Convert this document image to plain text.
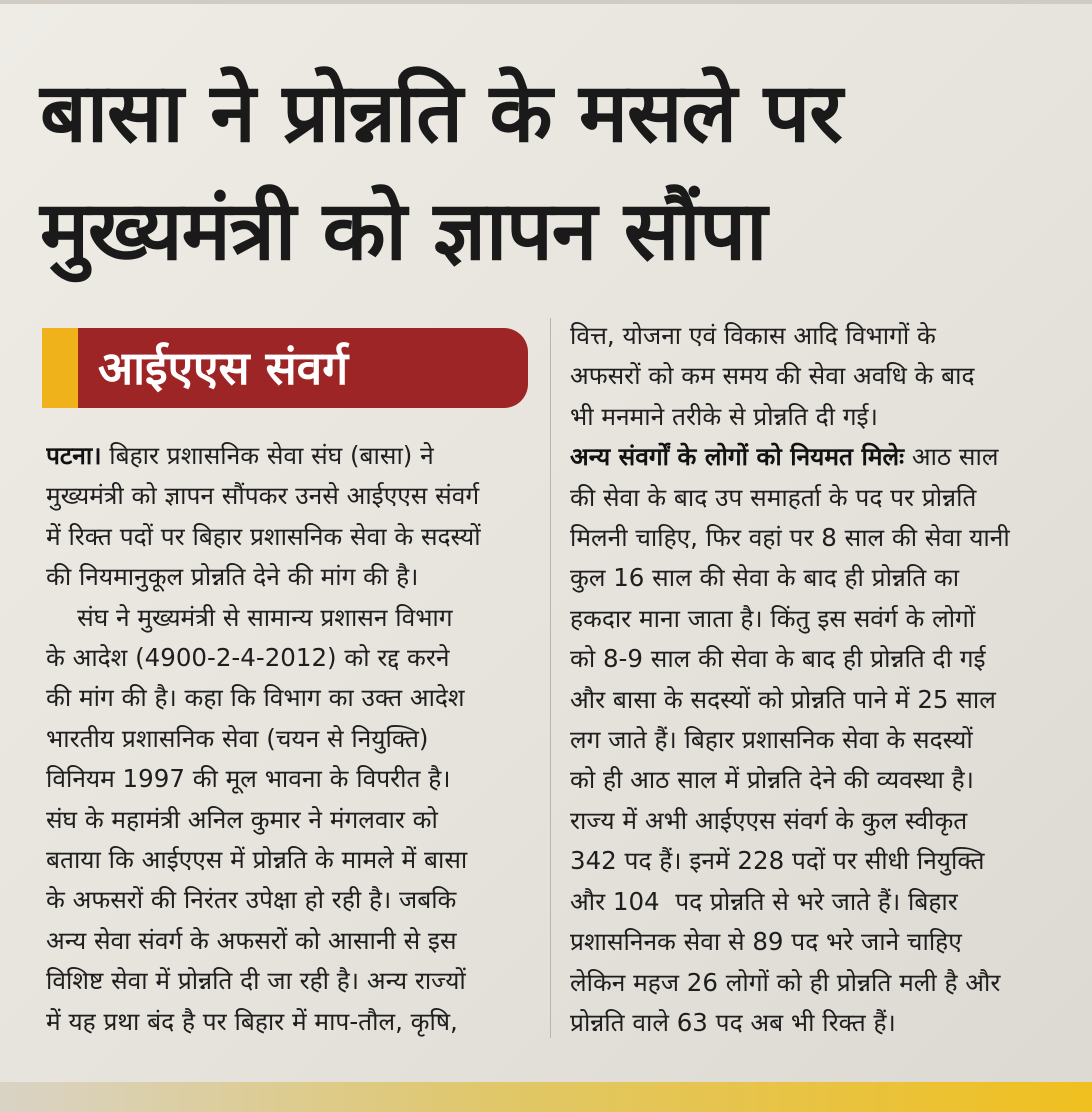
बासा ने प्रोन्नति के मसले पर
मुख्यमंत्री को ज्ञापन सौंपा
आईएएस संवर्ग

पटना। बिहार प्रशासनिक सेवा संघ (बासा) ने

मुख्यमंत्री को ज्ञापन सौंपकर उनसे आईएएस संवर्ग

में रिक्त पदों पर बिहार प्रशासनिक सेवा के सदस्यों

की नियमानुकूल प्रोन्नति देने की मांग की है।

संघ ने मुख्यमंत्री से सामान्य प्रशासन विभाग

के आदेश (4900-2-4-2012) को रद्द करने

की मांग की है। कहा कि विभाग का उक्त आदेश

भारतीय प्रशासनिक सेवा (चयन से नियुक्ति)

विनियम 1997 की मूल भावना के विपरीत है।

संघ के महामंत्री अनिल कुमार ने मंगलवार को

बताया कि आईएएस में प्रोन्नति के मामले में बासा

के अफसरों की निरंतर उपेक्षा हो रही है। जबकि

अन्य सेवा संवर्ग के अफसरों को आसानी से इस

विशिष्ट सेवा में प्रोन्नति दी जा रही है। अन्य राज्यों

में यह प्रथा बंद है पर बिहार में माप-तौल, कृषि,

वित्त, योजना एवं विकास आदि विभागों के

अफसरों को कम समय की सेवा अवधि के बाद

भी मनमाने तरीके से प्रोन्नति दी गई।

अन्य संवर्गों के लोगों को नियमत मिलेः आठ साल

की सेवा के बाद उप समाहर्ता के पद पर प्रोन्नति

मिलनी चाहिए, फिर वहां पर 8 साल की सेवा यानी

कुल 16 साल की सेवा के बाद ही प्रोन्नति का

हकदार माना जाता है। किंतु इस सवंर्ग के लोगों

को 8-9 साल की सेवा के बाद ही प्रोन्नति दी गई

और बासा के सदस्यों को प्रोन्नति पाने में 25 साल

लग जाते हैं। बिहार प्रशासनिक सेवा के सदस्यों

को ही आठ साल में प्रोन्नति देने की व्यवस्था है।

राज्य में अभी आईएएस संवर्ग के कुल स्वीकृत

342 पद हैं। इनमें 228 पदों पर सीधी नियुक्ति

और 104  पद प्रोन्नति से भरे जाते हैं। बिहार

प्रशासनिनक सेवा से 89 पद भरे जाने चाहिए

लेकिन महज 26 लोगों को ही प्रोन्नति मली है और

प्रोन्नति वाले 63 पद अब भी रिक्त हैं।
